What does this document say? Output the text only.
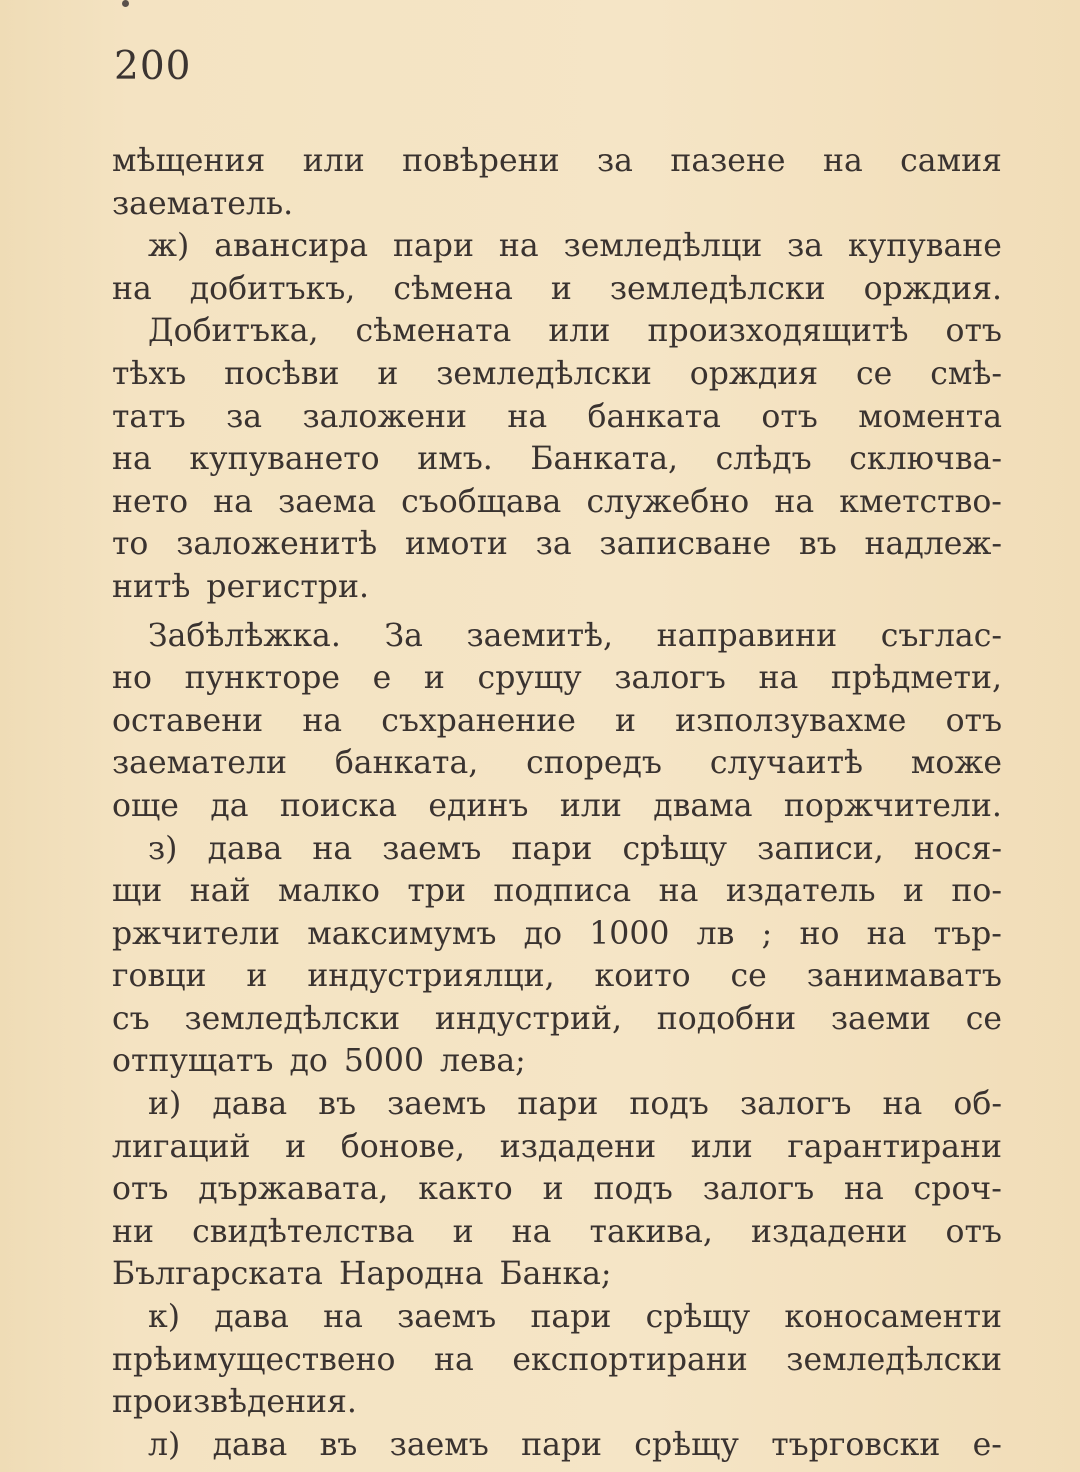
200
мѣщения или повѣрени за пазене на самия
заематель.
ж) авансира пари на земледѣлци за купуване
на добитъкъ, сѣмена и земледѣлски орждия.
Добитъка, сѣмената или произходящитѣ отъ
тѣхъ посѣви и земледѣлски орждия се смѣ-
татъ за заложени на банката отъ момента
на купуването имъ. Банката, слѣдъ сключва-
нето на заема съобщава служебно на кметство-
то заложенитѣ имоти за записване въ надлеж-
нитѣ регистри.
Забѣлѣжка. За заемитѣ, направини съглас-
но пунктоpе е и срущу залогъ на прѣдмети,
оставени на съхранение и използувахме отъ
заематели банката, споредъ случаитѣ може
още да поиска единъ или двама поржчители.
з) дава на заемъ пари срѣщу записи, нося-
щи най малко три подписа на издатель и по-
ржчители максимумъ до 1000 лв ; но на тър-
говци и индустриялци, които се занимаватъ
съ земледѣлски индустрий, подобни заеми се
отпущатъ до 5000 лева;
и) дава въ заемъ пари подъ залогъ на об-
лигаций и бонове, издадени или гарантирани
отъ държавата, както и подъ залогъ на сроч-
ни свидѣтелства и на такива, издадени отъ
Българската Народна Банка;
к) дава на заемъ пари срѣщу коносаменти
прѣимуществено на експортирани земледѣлски
произвѣдения.
л) дава въ заемъ пари срѣщу търговски е-
